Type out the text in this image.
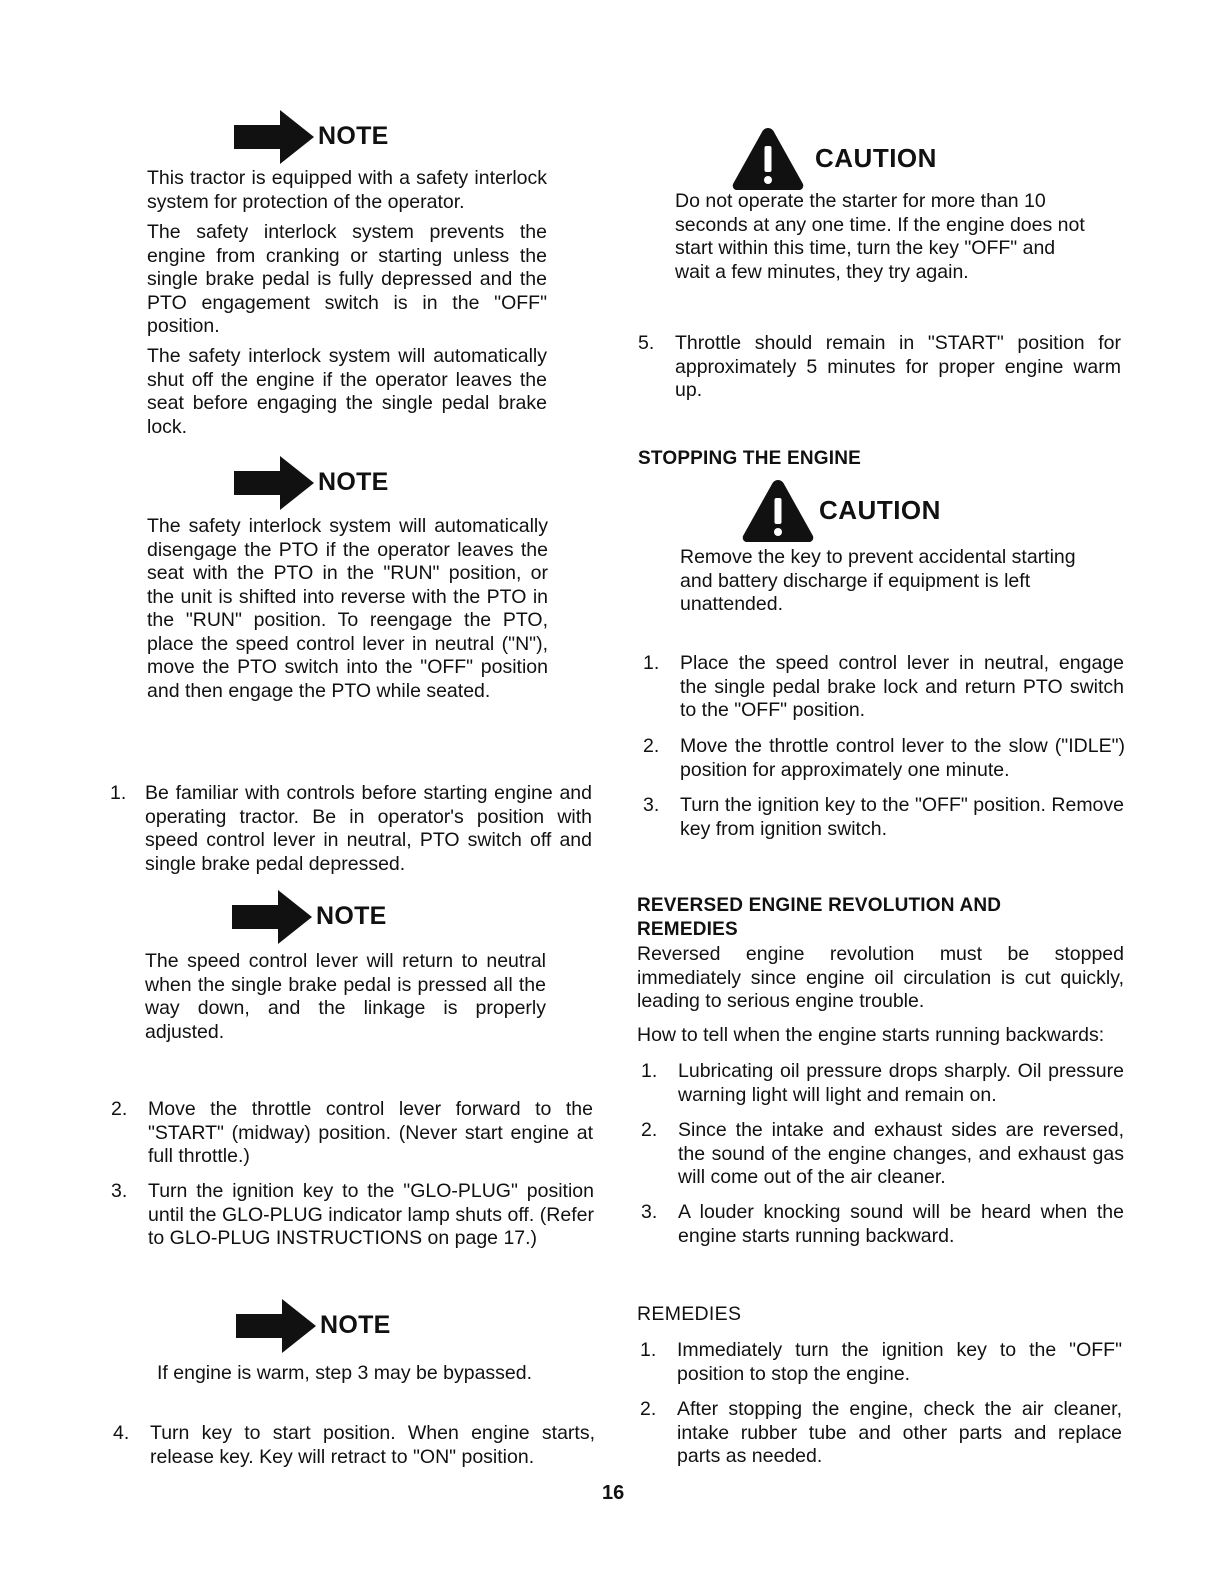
NOTE

This tractor is equipped with a safety interlock system for protection of the operator.

The safety interlock system prevents the engine from cranking or starting unless the single brake pedal is fully depressed and the PTO engagement switch is in the "OFF" position.

The safety interlock system will automatically shut off the engine if the operator leaves the seat before engaging the single pedal brake lock.

NOTE

The safety interlock system will automatically disengage the PTO if the operator leaves the seat with the PTO in the "RUN" position, or the unit is shifted into reverse with the PTO in the "RUN" position. To reengage the PTO, place the speed control lever in neutral ("N"), move the PTO switch into the "OFF" position and then engage the PTO while seated.

1. Be familiar with controls before starting engine and operating tractor. Be in operator's position with speed control lever in neutral, PTO switch off and single brake pedal depressed.

NOTE

The speed control lever will return to neutral when the single brake pedal is pressed all the way down, and the linkage is properly adjusted.

2. Move the throttle control lever forward to the "START" (midway) position. (Never start engine at full throttle.)

3. Turn the ignition key to the "GLO-PLUG" position until the GLO-PLUG indicator lamp shuts off. (Refer to GLO-PLUG INSTRUCTIONS on page 17.)

NOTE

If engine is warm, step 3 may be bypassed.

4. Turn key to start position. When engine starts, release key. Key will retract to "ON" position.

CAUTION

Do not operate the starter for more than 10 seconds at any one time. If the engine does not start within this time, turn the key "OFF" and wait a few minutes, they try again.

5. Throttle should remain in "START" position for approximately 5 minutes for proper engine warm up.

STOPPING THE ENGINE
CAUTION

Remove the key to prevent accidental starting and battery discharge if equipment is left unattended.

1. Place the speed control lever in neutral, engage the single pedal brake lock and return PTO switch to the "OFF" position.

2. Move the throttle control lever to the slow ("IDLE") position for approximately one minute.

3. Turn the ignition key to the "OFF" position. Remove key from ignition switch.

REVERSED ENGINE REVOLUTION AND
REMEDIES

Reversed engine revolution must be stopped immediately since engine oil circulation is cut quickly, leading to serious engine trouble.

How to tell when the engine starts running backwards:

1. Lubricating oil pressure drops sharply. Oil pressure warning light will light and remain on.

2. Since the intake and exhaust sides are reversed, the sound of the engine changes, and exhaust gas will come out of the air cleaner.

3. A louder knocking sound will be heard when the engine starts running backward.

REMEDIES
1. Immediately turn the ignition key to the "OFF" position to stop the engine.

2. After stopping the engine, check the air cleaner, intake rubber tube and other parts and replace parts as needed.

16
